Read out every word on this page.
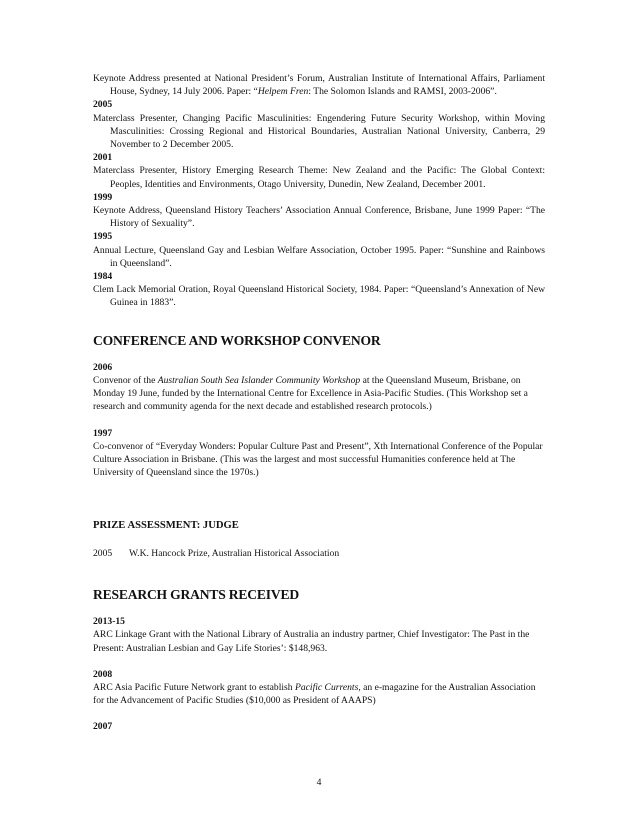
Keynote Address presented at National President’s Forum, Australian Institute of International Affairs, Parliament House, Sydney, 14 July 2006. Paper: “Helpem Fren: The Solomon Islands and RAMSI, 2003-2006”.

2005

Materclass Presenter, Changing Pacific Masculinities: Engendering Future Security Workshop, within Moving Masculinities: Crossing Regional and Historical Boundaries, Australian National University, Canberra, 29 November to 2 December 2005.

2001

Materclass Presenter, History Emerging Research Theme: New Zealand and the Pacific: The Global Context: Peoples, Identities and Environments, Otago University, Dunedin, New Zealand, December 2001.

1999

Keynote Address, Queensland History Teachers’ Association Annual Conference, Brisbane, June 1999 Paper: “The History of Sexuality”.

1995

Annual Lecture, Queensland Gay and Lesbian Welfare Association, October 1995. Paper: “Sunshine and Rainbows in Queensland”.

1984

Clem Lack Memorial Oration, Royal Queensland Historical Society, 1984. Paper: “Queensland’s Annexation of New Guinea in 1883”.

CONFERENCE AND WORKSHOP CONVENOR

2006

Convenor of the Australian South Sea Islander Community Workshop at the Queensland Museum, Brisbane, on Monday 19 June, funded by the International Centre for Excellence in Asia-Pacific Studies. (This Workshop set a research and community agenda for the next decade and established research protocols.)

1997

Co-convenor of “Everyday Wonders: Popular Culture Past and Present”, Xth International Conference of the Popular Culture Association in Brisbane. (This was the largest and most successful Humanities conference held at The University of Queensland since the 1970s.)

PRIZE ASSESSMENT: JUDGE

2005 W.K. Hancock Prize, Australian Historical Association

RESEARCH GRANTS RECEIVED

2013-15

ARC Linkage Grant with the National Library of Australia an industry partner, Chief Investigator: The Past in the Present: Australian Lesbian and Gay Life Stories’: $148,963.

2008

ARC Asia Pacific Future Network grant to establish Pacific Currents, an e-magazine for the Australian Association for the Advancement of Pacific Studies ($10,000 as President of AAAPS)

2007

4
